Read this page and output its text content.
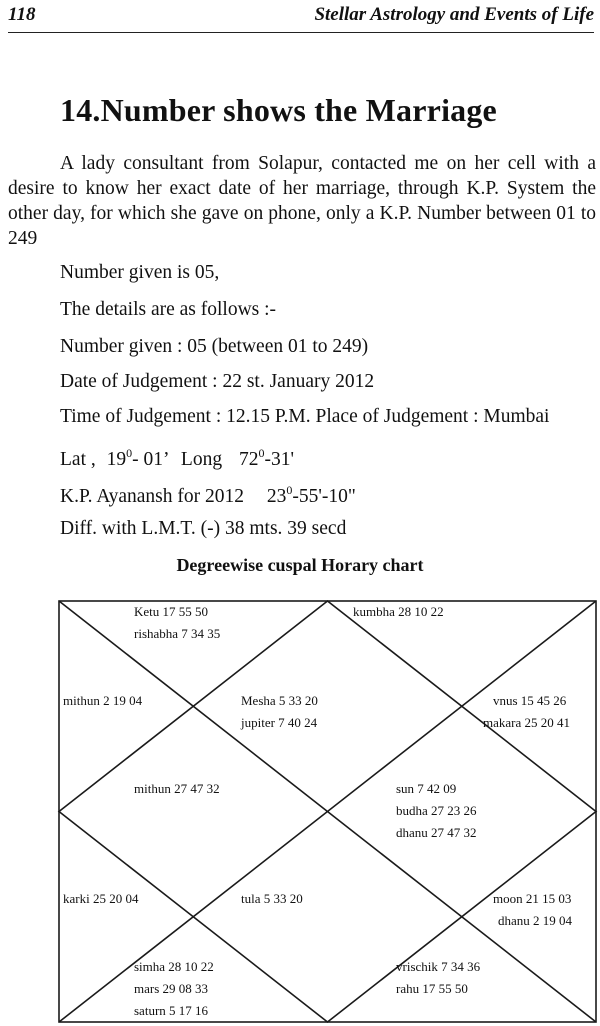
118	Stellar Astrology and Events of Life
14.Number shows the Marriage

A lady consultant from Solapur, contacted me on her cell with a desire to know her exact date of her marriage, through K.P. System the other day, for which she gave on phone, only a K.P. Number between 01 to 249

Number given is 05,
The details are as follows :-
Number given : 05 (between 01 to 249)
Date of Judgement : 22 st. January 2012
Time of Judgement : 12.15 P.M. Place of Judgement : Mumbai
Lat , $19^0-$ 01’ Long $72^0-31'$
K.P. Ayanansh for 2012 $23^0-55'-10$"
Diff. with L.M.T. (-) 38 mts. 39 secd
Degreewise cuspal Horary chart
Ketu 17 55 50
rishabha 7 34 35
kumbha 28 10 22
mithun 2 19 04	Mesha 5 33 20
jupiter 7 40 24
vnus 15 45 26
makara 25 20 41
mithun 27 47 32	sun 7 42 09
budha 27 23 26
dhanu 27 47 32
karki 25 20 04	tula 5 33 20	moon 21 15 03
dhanu 2 19 04
simha 28 10 22
mars 29 08 33
saturn 5 17 16
vrischik 7 34 36
rahu 17 55 50
